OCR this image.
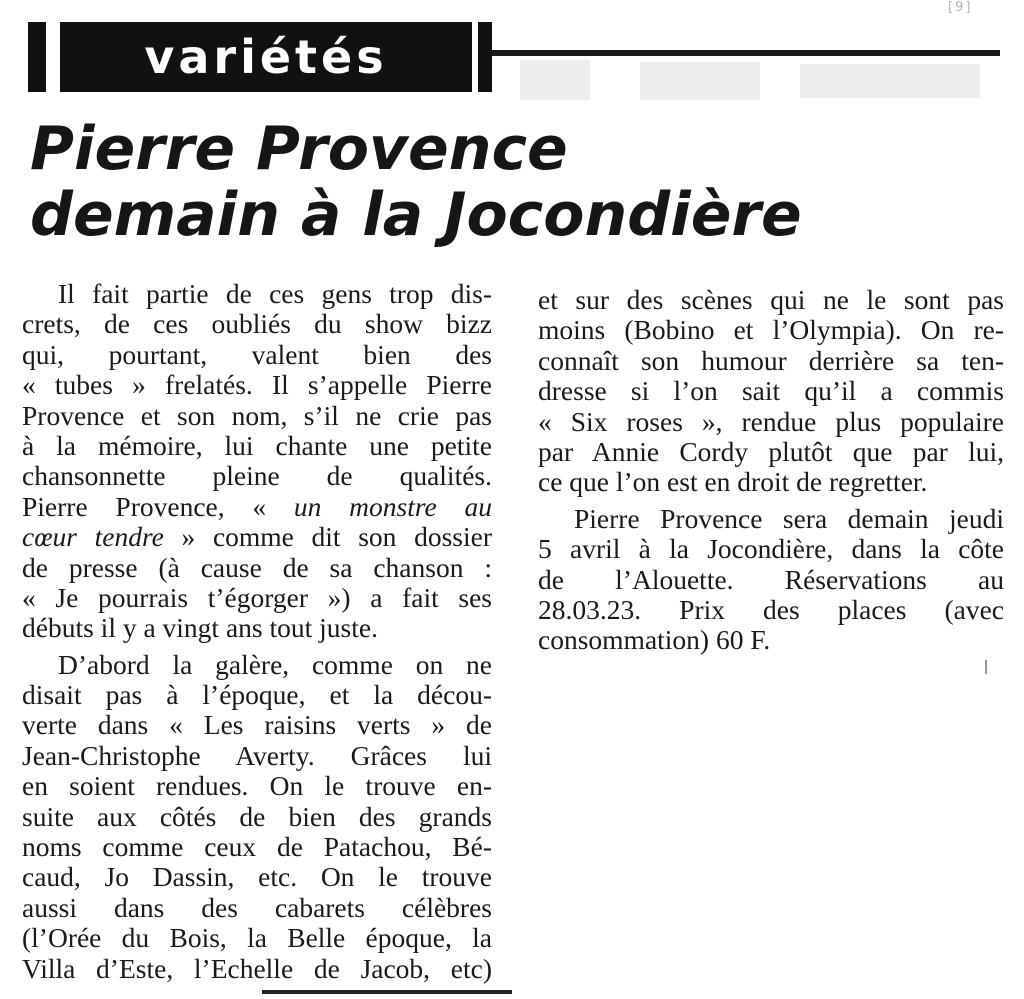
[9]
variétés
Pierre Provence
demain à la Jocondière
Il fait partie de ces gens trop dis-
crets, de ces oubliés du show bizz
qui, pourtant, valent bien des
« tubes » frelatés. Il s’appelle Pierre
Provence et son nom, s’il ne crie pas
à la mémoire, lui chante une petite
chansonnette pleine de qualités.
Pierre Provence, « un monstre au
cœur tendre » comme dit son dossier
de presse (à cause de sa chanson :
« Je pourrais t’égorger ») a fait ses
débuts il y a vingt ans tout juste.
D’abord la galère, comme on ne
disait pas à l’époque, et la décou-
verte dans « Les raisins verts » de
Jean-Christophe Averty. Grâces lui
en soient rendues. On le trouve en-
suite aux côtés de bien des grands
noms comme ceux de Patachou, Bé-
caud, Jo Dassin, etc. On le trouve
aussi dans des cabarets célèbres
(l’Orée du Bois, la Belle époque, la
Villa d’Este, l’Echelle de Jacob, etc)
et sur des scènes qui ne le sont pas
moins (Bobino et l’Olympia). On re-
connaît son humour derrière sa ten-
dresse si l’on sait qu’il a commis
« Six roses », rendue plus populaire
par Annie Cordy plutôt que par lui,
ce que l’on est en droit de regretter.
Pierre Provence sera demain jeudi
5 avril à la Jocondière, dans la côte
de l’Alouette. Réservations au
28.03.23. Prix des places (avec
consommation) 60 F.
